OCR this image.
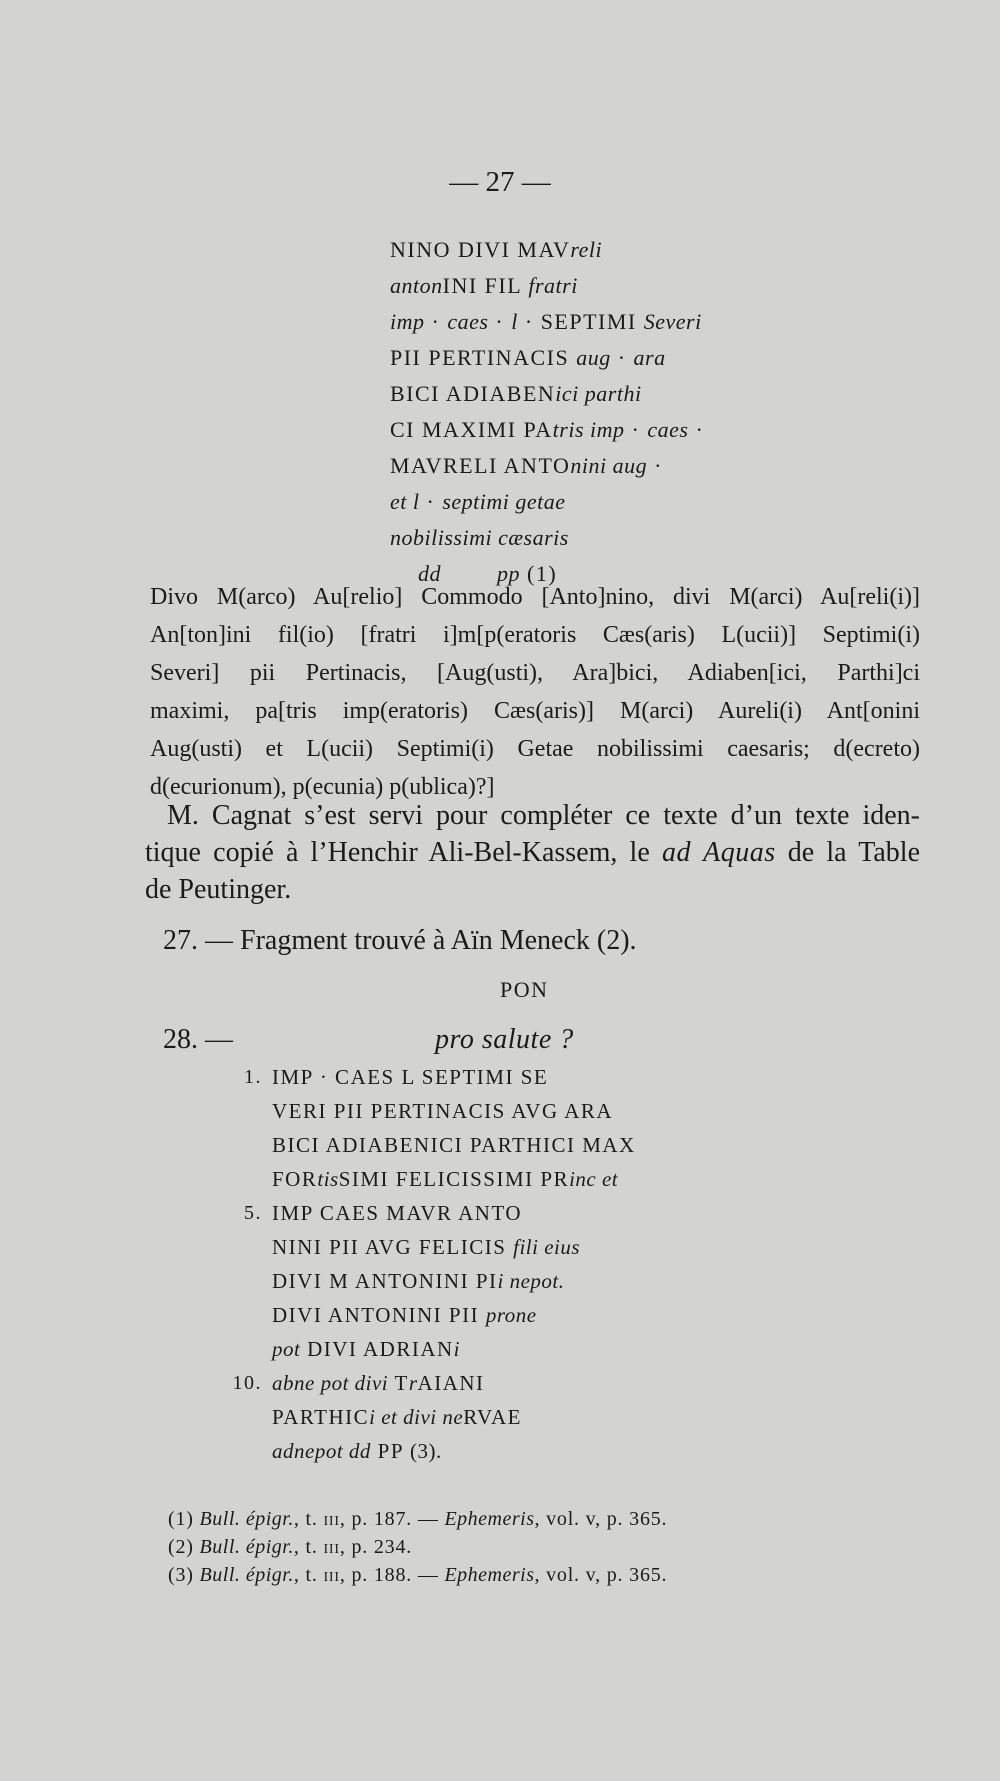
— 27 —
NINO DIVI MAVreli
antonINI FIL fratri
imp · caes · l · SEPTIMI Severi
PII PERTINACIS aug · ara
BICI ADIABENici parthi
CI MAXIMI PAtris imp · caes ·
MAVRELI ANTOnini aug ·
et l · septimi getae
nobilissimi cæsaris
dd	pp (1)
Divo M(arco) Au[relio] Commodo [Anto]nino, divi M(arci) Au[reli(i)]
An[ton]ini fil(io) [fratri i]m[p(eratoris Cæs(aris) L(ucii)] Septimi(i)
Severi] pii Pertinacis, [Aug(usti), Ara]bici, Adiaben[ici, Parthi]ci
maximi, pa[tris imp(eratoris) Cæs(aris)] M(arci) Aureli(i) Ant[onini
Aug(usti) et L(ucii) Septimi(i) Getae nobilissimi caesaris; d(ecreto)
d(ecurionum), p(ecunia) p(ublica)?]
M. Cagnat s’est servi pour compléter ce texte d’un texte iden-
tique copié à l’Henchir Ali-Bel-Kassem, le ad Aquas de la Table
de Peutinger.
27. — Fragment trouvé à Aïn Meneck (2).
PON
28. —	pro salute ?
1. IMP · CAES L SEPTIMI SE
VERI PII PERTINACIS AVG ARA
BICI ADIABENICI PARTHICI MAX
FORtisSIMI FELICISSIMI PRinc et
5. IMP CAES MAVR ANTO
NINI PII AVG FELICIS fili eius
DIVI M ANTONINI PIi nepot.
DIVI ANTONINI PII prone
pot DIVI ADRIANi
10. abne pot divi TrAIANI
PARTHICi et divi neRVAE
adnepot dd PP (3).
(1) Bull. épigr., t. iii, p. 187. — Ephemeris, vol. v, p. 365.
(2) Bull. épigr., t. iii, p. 234.
(3) Bull. épigr., t. iii, p. 188. — Ephemeris, vol. v, p. 365.
